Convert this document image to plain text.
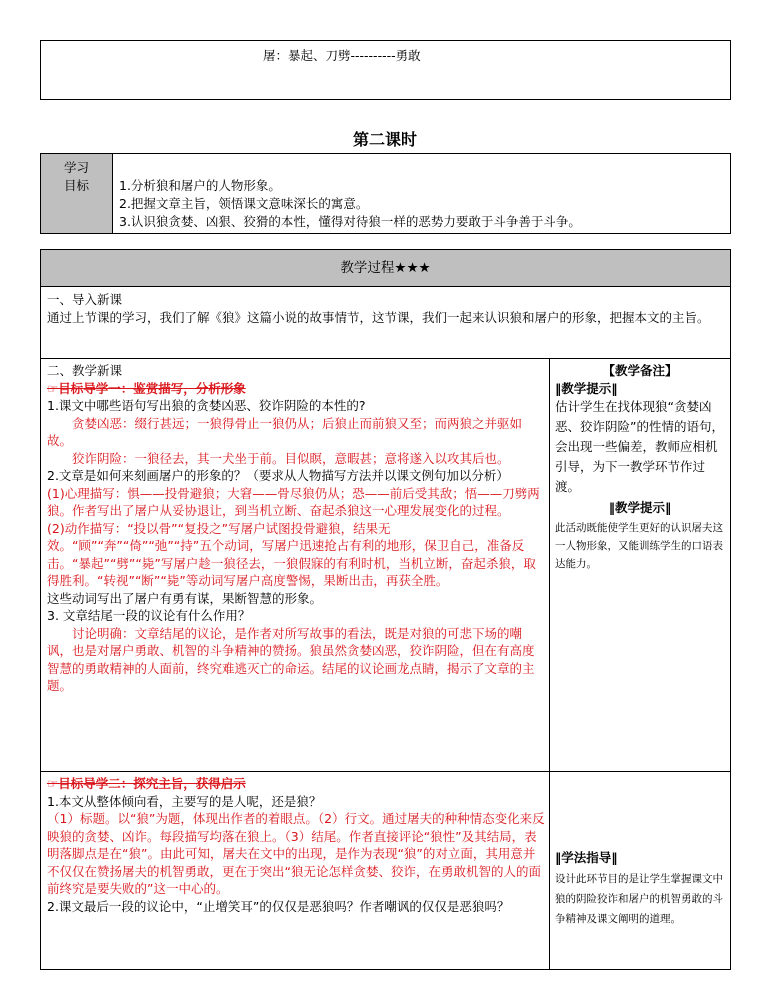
屠：暴起、刀劈----------勇敢
第二课时
学习
目标	1.分析狼和屠户的人物形象。

2.把握文章主旨，领悟课文意味深长的寓意。

3.认识狼贪婪、凶狠、狡猾的本性，懂得对待狼一样的恶势力要敢于斗争善于斗争。

教学过程★★★

一、导入新课

通过上节课的学习，我们了解《狼》这篇小说的故事情节，这节课，我们一起来认识狼和屠户的形象，把握本文的主旨。

二、教学新课

☞目标导学一：鉴赏描写，分析形象

1.课文中哪些语句写出狼的贪婪凶恶、狡诈阴险的本性的?

贪婪凶恶：缀行甚远；一狼得骨止一狼仍从；后狼止而前狼又至；而两狼之并驱如故。

狡诈阴险：一狼径去，其一犬坐于前。目似瞑，意暇甚；意将遂入以攻其后也。

2.文章是如何来刻画屠户的形象的？（要求从人物描写方法并以课文例句加以分析）

(1)心理描写：惧——投骨避狼；大窘——骨尽狼仍从；恐——前后受其敌；悟——刀劈两狼。作者写出了屠户从妥协退让，到当机立断、奋起杀狼这一心理发展变化的过程。

(2)动作描写：“投以骨”“复投之”写屠户试图投骨避狼，结果无效。“顾”“奔”“倚”“弛”“持”五个动词，写屠户迅速抢占有利的地形，保卫自己，准备反击。“暴起”“劈”“毙”写屠户趁一狼径去，一狼假寐的有利时机，当机立断，奋起杀狼，取得胜利。“转视”“断”“毙”等动词写屠户高度警惕，果断出击，再获全胜。

这些动词写出了屠户有勇有谋，果断智慧的形象。

3. 文章结尾一段的议论有什么作用？

讨论明确：文章结尾的议论，是作者对所写故事的看法，既是对狼的可悲下场的嘲讽，也是对屠户勇敢、机智的斗争精神的赞扬。狼虽然贪婪凶恶，狡诈阴险，但在有高度智慧的勇敢精神的人面前，终究难逃灭亡的命运。结尾的议论画龙点睛，揭示了文章的主题。

【教学备注】

‖教学提示‖

估计学生在找体现狼“贪婪凶恶、狡诈阴险”的性情的语句，会出现一些偏差，教师应相机引导，为下一教学环节作过渡。

‖教学提示‖

此活动既能使学生更好的认识屠夫这一人物形象，又能训练学生的口语表达能力。

☞目标导学二：探究主旨，获得启示

1.本文从整体倾向看，主要写的是人呢，还是狼？

（1）标题。以“狼”为题，体现出作者的着眼点。（2）行文。通过屠夫的种种情态变化来反映狼的贪婪、凶诈。每段描写均落在狼上。（3）结尾。作者直接评论“狼性”及其结局，表明落脚点是在“狼”。由此可知，屠夫在文中的出现，是作为表现“狼”的对立面，其用意并不仅仅在赞扬屠夫的机智勇敢，更在于突出“狼无论怎样贪婪、狡诈，在勇敢机智的人的面前终究是要失败的”这一中心的。

2.课文最后一段的议论中，“止增笑耳”的仅仅是恶狼吗？作者嘲讽的仅仅是恶狼吗？

‖学法指导‖

设计此环节目的是让学生掌握课文中狼的阴险狡诈和屠户的机智勇敢的斗争精神及课文阐明的道理。
